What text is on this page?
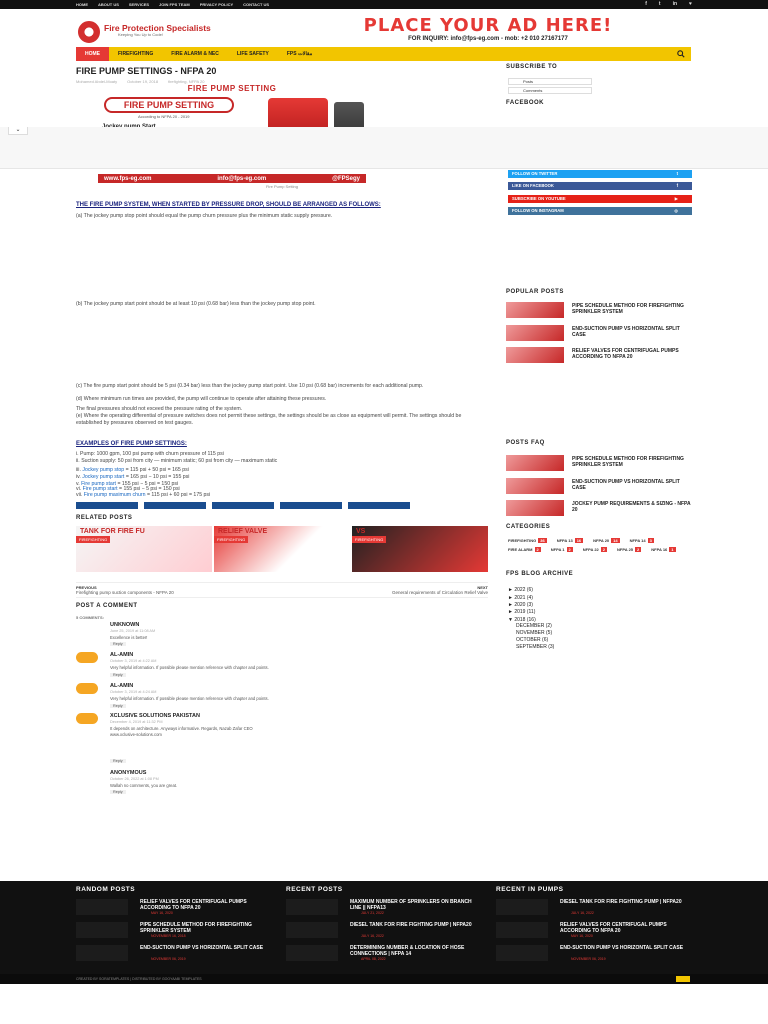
HOME	ABOUT US	SERVICES	JOIN FPS TEAM	PRIVACY POLICY	CONTACT US	f t in ♥
Fire Protection Specialists
Keeping You Up to Code!	PLACE YOUR AD HERE!
FOR INQUIRY: info@fps-eg.com - mob: +2 010 27167177
HOME	FIREFIGHTING	FIRE ALARM & NEC	LIFE SAFETY	FPS مقالات
FIRE PUMP SETTINGS - NFPA 20
Mohamed Abdel-Moaty	October 19, 2018	firefighting, NFPA 20
FIRE PUMP SETTING
FIRE PUMP SETTING
According to NFPA 20 - 2019
www.fps-eg.com	info@fps-eg.com	@FPSegy
⌄
Fire Pump Setting
THE FIRE PUMP SYSTEM, WHEN STARTED BY PRESSURE DROP, SHOULD BE ARRANGED AS FOLLOWS:
(a) The jockey pump stop point should equal the pump churn pressure plus the minimum static supply pressure.
(b) The jockey pump start point should be at least 10 psi (0.68 bar) less than the jockey pump stop point.
(c) The fire pump start point should be 5 psi (0.34 bar) less than the jockey pump start point. Use 10 psi (0.68 bar) increments for each additional pump.
(d) Where minimum run times are provided, the pump will continue to operate after attaining these pressures.
The final pressures should not exceed the pressure rating of the system.
(e) Where the operating differential of pressure switches does not permit these settings, the settings should be as close as equipment will permit. The settings should be established by pressures observed on test gauges.
EXAMPLES OF FIRE PUMP SETTINGS:
i. Pump: 1000 gpm, 100 psi pump with churn pressure of 115 psi
ii. Suction supply: 50 psi from city — minimum static; 60 psi from city — maximum static
iii. Jockey pump stop = 115 psi + 50 psi = 165 psi
iv. Jockey pump start = 165 psi − 10 psi = 155 psi
v. Fire pump start = 155 psi − 5 psi = 150 psi
vi. Fire pump start = 155 psi − 5 psi = 150 psi
vii. Fire pump maximum churn = 115 psi + 60 psi = 175 psi
RELATED POSTS
TANK FOR FIRE FU
FIREFIGHTING
RELIEF VALVE
FIREFIGHTING
VS
FIREFIGHTING
PREVIOUS
Firefighting pump suction components - NFPA 20
NEXT
General requirements of Circulation Relief Valve
POST A COMMENT
5 COMMENTS:
UNKNOWN
June 25, 2019 at 11:08 AM
Excellence is better!
Reply
AL-AMIN
October 3, 2019 at 4:22 AM
Very helpful information. If possible please mention reference with chapter and points.
Reply
AL-AMIN
October 3, 2019 at 4:24 AM
Very helpful information. If possible please mention reference with chapter and points.
Reply
XCLUSIVE SOLUTIONS PAKISTAN
December 4, 2019 at 11:32 PM
It depends on architecture. Anyways informative. Regards, Nazab Zafar CEO www.xclusive-solutions.com
Reply
ANONYMOUS
October 26, 2022 at 1:08 PM
Wallah no comments, you are great.
Reply
SUBSCRIBE TO
Posts
Comments
FACEBOOK
FOLLOW ON TWITTER	t
LIKE ON FACEBOOK	f
SUBSCRIBE ON YOUTUBE	▶
FOLLOW ON INSTAGRAM	◎
POPULAR POSTS
PIPE SCHEDULE METHOD FOR FIREFIGHTING SPRINKLER SYSTEM
END-SUCTION PUMP VS HORIZONTAL SPLIT CASE
RELIEF VALVES FOR CENTRIFUGAL PUMPS ACCORDING TO NFPA 20
POSTS FAQ
PIPE SCHEDULE METHOD FOR FIREFIGHTING SPRINKLER SYSTEM
END-SUCTION PUMP VS HORIZONTAL SPLIT CASE
JOCKEY PUMP REQUIREMENTS & SIZING - NFPA 20
CATEGORIES
FIREFIGHTING 36	NFPA 13 16	NFPA 20 14	NFPA 14 3
FIRE ALARM 2	NFPA 1 2	NFPA 22 2	NFPA 25 2	NFPA 16 1
FPS BLOG ARCHIVE
► 2022 (6)
► 2021 (4)
► 2020 (3)
► 2019 (11)
▼ 2018 (16)
DECEMBER (2)
NOVEMBER (5)
OCTOBER (6)
SEPTEMBER (3)
RANDOM POSTS
RELIEF VALVES FOR CENTRIFUGAL PUMPS ACCORDING TO NFPA 20
MAY 16, 2020
PIPE SCHEDULE METHOD FOR FIREFIGHTING SPRINKLER SYSTEM
NOVEMBER 16, 2018
END-SUCTION PUMP VS HORIZONTAL SPLIT CASE
NOVEMBER 06, 2019
RECENT POSTS
MAXIMUM NUMBER OF SPRINKLERS ON BRANCH LINE || NFPA13
JULY 21, 2022
DIESEL TANK FOR FIRE FIGHTING PUMP | NFPA20
JULY 16, 2022
DETERMINING NUMBER & LOCATION OF HOSE CONNECTIONS | NFPA 14
APRIL 08, 2022
RECENT IN PUMPS
DIESEL TANK FOR FIRE FIGHTING PUMP | NFPA20
JULY 16, 2022
RELIEF VALVES FOR CENTRIFUGAL PUMPS ACCORDING TO NFPA 20
MAY 16, 2020
END-SUCTION PUMP VS HORIZONTAL SPLIT CASE
NOVEMBER 06, 2019
CREATED BY SORATEMPLATES | DISTRIBUTED BY GOOYAABI TEMPLATES
